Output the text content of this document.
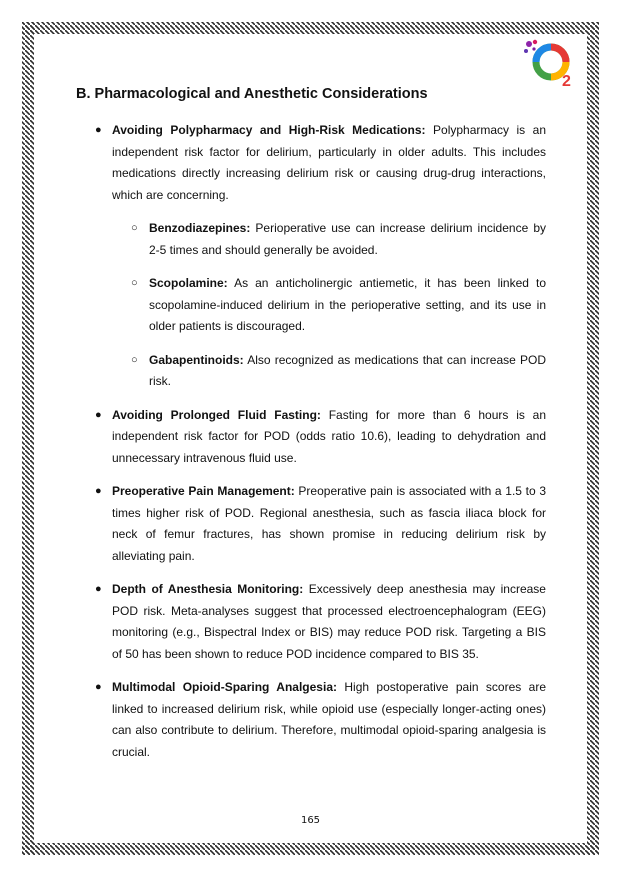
2
B. Pharmacological and Anesthetic Considerations
● Avoiding Polypharmacy and High-Risk Medications: Polypharmacy is an independent risk factor for delirium, particularly in older adults. This includes medications directly increasing delirium risk or causing drug-drug interactions, which are concerning.
○ Benzodiazepines: Perioperative use can increase delirium incidence by 2-5 times and should generally be avoided.
○ Scopolamine: As an anticholinergic antiemetic, it has been linked to scopolamine-induced delirium in the perioperative setting, and its use in older patients is discouraged.
○ Gabapentinoids: Also recognized as medications that can increase POD risk.
● Avoiding Prolonged Fluid Fasting: Fasting for more than 6 hours is an independent risk factor for POD (odds ratio 10.6), leading to dehydration and unnecessary intravenous fluid use.
● Preoperative Pain Management: Preoperative pain is associated with a 1.5 to 3 times higher risk of POD. Regional anesthesia, such as fascia iliaca block for neck of femur fractures, has shown promise in reducing delirium risk by alleviating pain.
● Depth of Anesthesia Monitoring: Excessively deep anesthesia may increase POD risk. Meta-analyses suggest that processed electroencephalogram (EEG) monitoring (e.g., Bispectral Index or BIS) may reduce POD risk. Targeting a BIS of 50 has been shown to reduce POD incidence compared to BIS 35.
● Multimodal Opioid-Sparing Analgesia: High postoperative pain scores are linked to increased delirium risk, while opioid use (especially longer-acting ones) can also contribute to delirium. Therefore, multimodal opioid-sparing analgesia is crucial.
165
